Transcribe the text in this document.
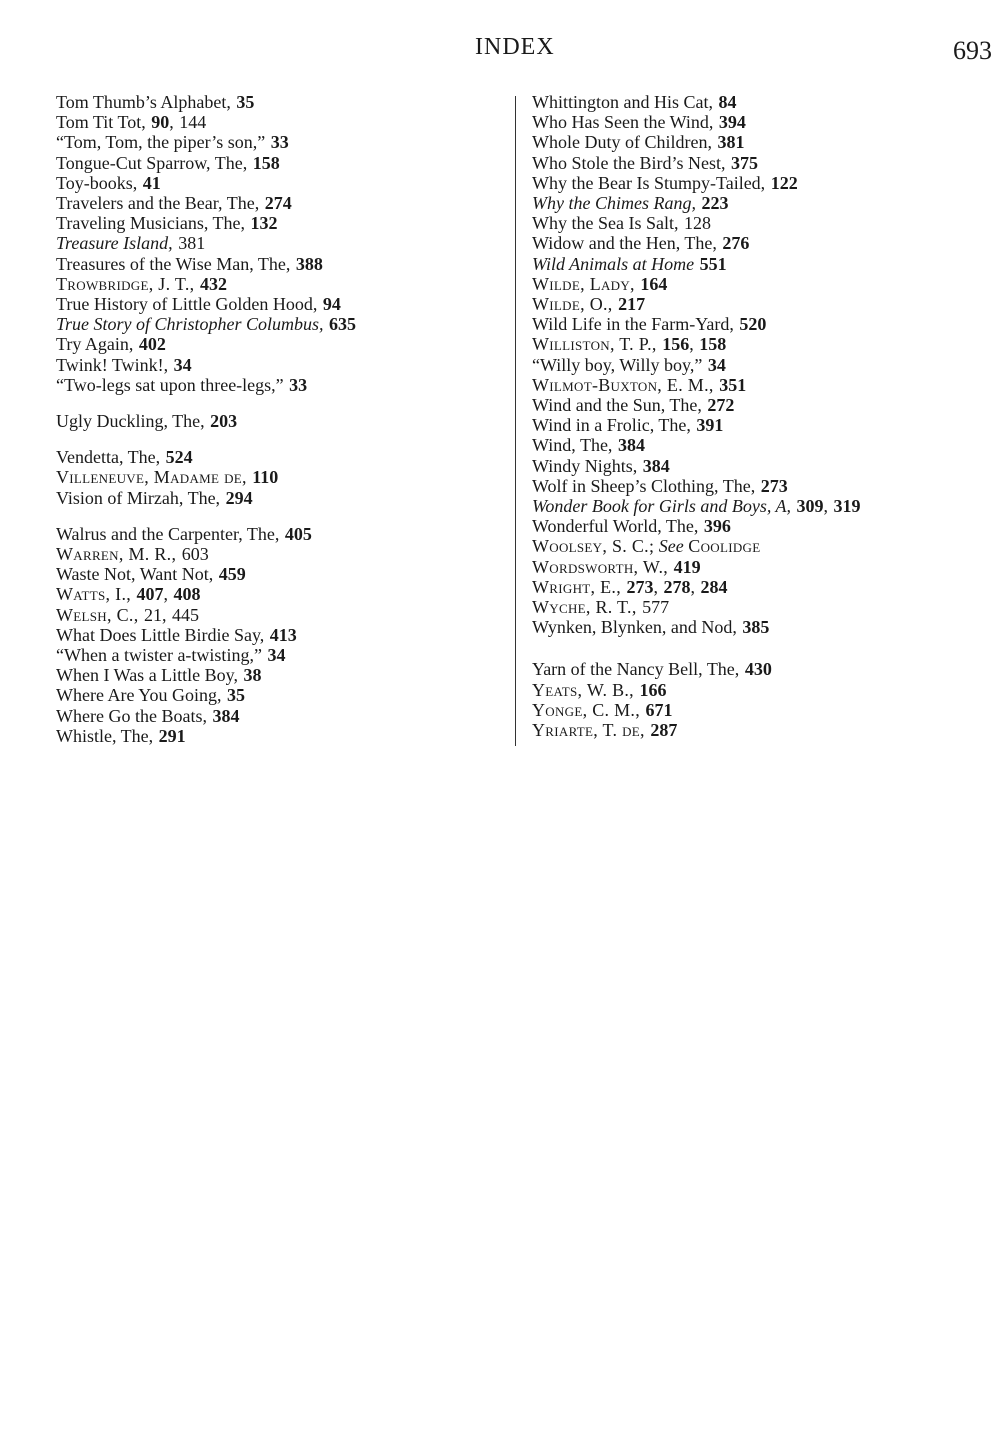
INDEX	693
Tom Thumb’s Alphabet, 35
Tom Tit Tot, 90, 144
“Tom, Tom, the piper’s son,” 33
Tongue-Cut Sparrow, The, 158
Toy-books, 41
Travelers and the Bear, The, 274
Traveling Musicians, The, 132
Treasure Island, 381
Treasures of the Wise Man, The, 388
Trowbridge, J. T., 432
True History of Little Golden Hood, 94
True Story of Christopher Columbus, 635
Try Again, 402
Twink! Twink!, 34
“Two-legs sat upon three-legs,” 33
Ugly Duckling, The, 203
Vendetta, The, 524
Villeneuve, Madame de, 110
Vision of Mirzah, The, 294
Walrus and the Carpenter, The, 405
Warren, M. R., 603
Waste Not, Want Not, 459
Watts, I., 407, 408
Welsh, C., 21, 445
What Does Little Birdie Say, 413
“When a twister a-twisting,” 34
When I Was a Little Boy, 38
Where Are You Going, 35
Where Go the Boats, 384
Whistle, The, 291
Whittington and His Cat, 84
Who Has Seen the Wind, 394
Whole Duty of Children, 381
Who Stole the Bird’s Nest, 375
Why the Bear Is Stumpy-Tailed, 122
Why the Chimes Rang, 223
Why the Sea Is Salt, 128
Widow and the Hen, The, 276
Wild Animals at Home 551
Wilde, Lady, 164
Wilde, O., 217
Wild Life in the Farm-Yard, 520
Williston, T. P., 156, 158
“Willy boy, Willy boy,” 34
Wilmot-Buxton, E. M., 351
Wind and the Sun, The, 272
Wind in a Frolic, The, 391
Wind, The, 384
Windy Nights, 384
Wolf in Sheep’s Clothing, The, 273
Wonder Book for Girls and Boys, A, 309, 319
Wonderful World, The, 396
Woolsey, S. C.; See Coolidge
Wordsworth, W., 419
Wright, E., 273, 278, 284
Wyche, R. T., 577
Wynken, Blynken, and Nod, 385
Yarn of the Nancy Bell, The, 430
Yeats, W. B., 166
Yonge, C. M., 671
Yriarte, T. de, 287
